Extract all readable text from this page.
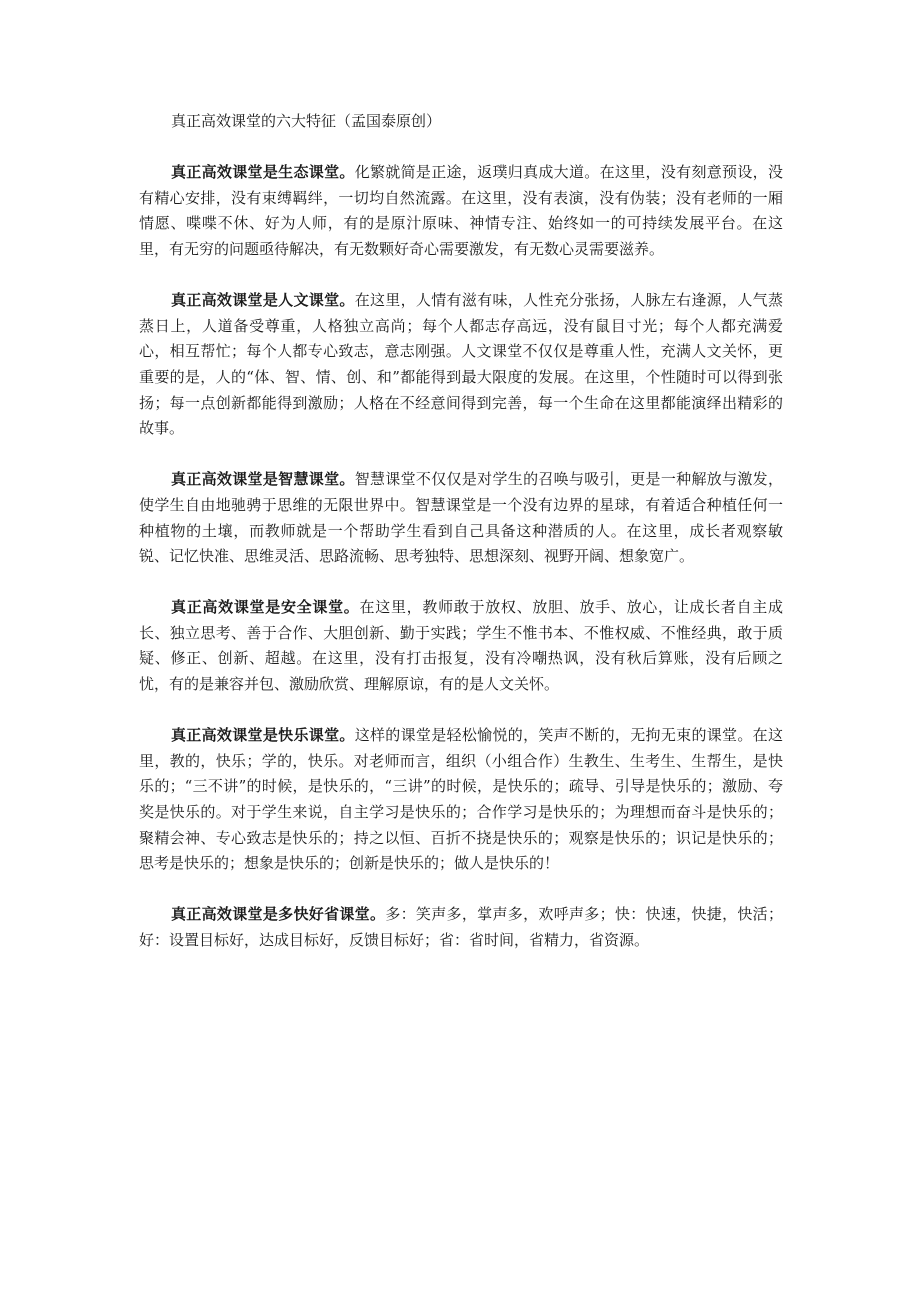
真正高效课堂的六大特征（孟国泰原创）

真正高效课堂是生态课堂。化繁就简是正途，返璞归真成大道。在这里，没有刻意预设，没有精心安排，没有束缚羁绊，一切均自然流露。在这里，没有表演，没有伪装；没有老师的一厢情愿、喋喋不休、好为人师，有的是原汁原味、神情专注、始终如一的可持续发展平台。在这里，有无穷的问题亟待解决，有无数颗好奇心需要激发，有无数心灵需要滋养。

真正高效课堂是人文课堂。在这里，人情有滋有味，人性充分张扬，人脉左右逢源，人气蒸蒸日上，人道备受尊重，人格独立高尚；每个人都志存高远，没有鼠目寸光；每个人都充满爱心，相互帮忙；每个人都专心致志，意志刚强。人文课堂不仅仅是尊重人性，充满人文关怀，更重要的是，人的“体、智、情、创、和”都能得到最大限度的发展。在这里，个性随时可以得到张扬；每一点创新都能得到激励；人格在不经意间得到完善，每一个生命在这里都能演绎出精彩的故事。

真正高效课堂是智慧课堂。智慧课堂不仅仅是对学生的召唤与吸引，更是一种解放与激发，使学生自由地驰骋于思维的无限世界中。智慧课堂是一个没有边界的星球，有着适合种植任何一种植物的土壤，而教师就是一个帮助学生看到自己具备这种潜质的人。在这里，成长者观察敏锐、记忆快准、思维灵活、思路流畅、思考独特、思想深刻、视野开阔、想象宽广。

真正高效课堂是安全课堂。在这里，教师敢于放权、放胆、放手、放心，让成长者自主成长、独立思考、善于合作、大胆创新、勤于实践；学生不惟书本、不惟权威、不惟经典，敢于质疑、修正、创新、超越。在这里，没有打击报复，没有冷嘲热讽，没有秋后算账，没有后顾之忧，有的是兼容并包、激励欣赏、理解原谅，有的是人文关怀。

真正高效课堂是快乐课堂。这样的课堂是轻松愉悦的，笑声不断的，无拘无束的课堂。在这里，教的，快乐；学的，快乐。对老师而言，组织（小组合作）生教生、生考生、生帮生，是快乐的；“三不讲”的时候，是快乐的，“三讲”的时候，是快乐的；疏导、引导是快乐的；激励、夸奖是快乐的。对于学生来说，自主学习是快乐的；合作学习是快乐的；为理想而奋斗是快乐的；聚精会神、专心致志是快乐的；持之以恒、百折不挠是快乐的；观察是快乐的；识记是快乐的；思考是快乐的；想象是快乐的；创新是快乐的；做人是快乐的！

真正高效课堂是多快好省课堂。多：笑声多，掌声多，欢呼声多；快：快速，快捷，快活；好：设置目标好，达成目标好，反馈目标好；省：省时间，省精力，省资源。
